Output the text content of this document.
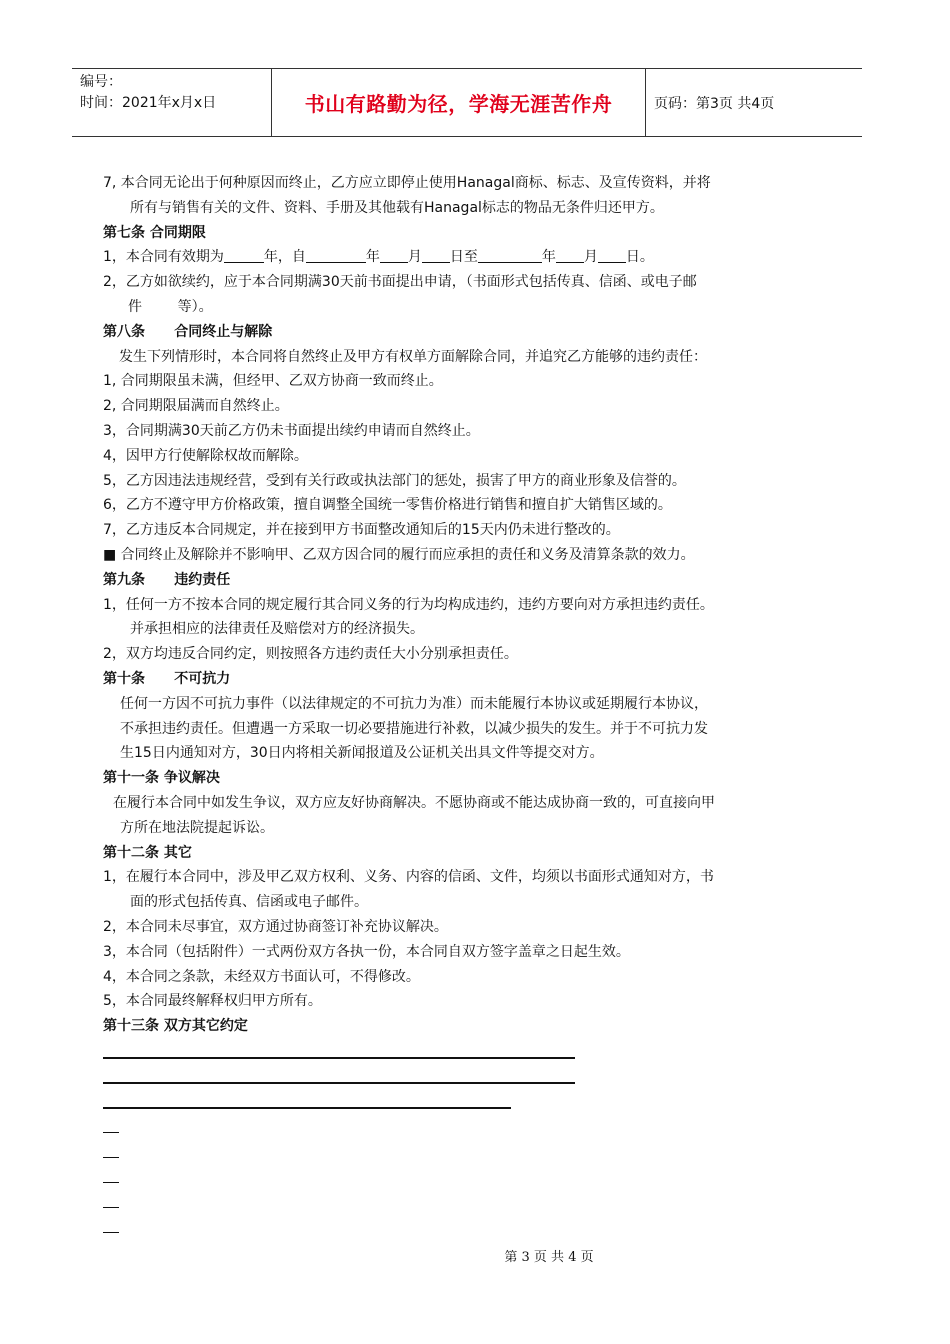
编号：
时间：2021年x月x日	书山有路勤为径，学海无涯苦作舟	页码：第3页 共4页
7, 本合同无论出于何种原因而终止，乙方应立即停止使用Hanagal商标、标志、及宣传资料，并将
所有与销售有关的文件、资料、手册及其他载有Hanagal标志的物品无条件归还甲方。
第七条 合同期限
1，本合同有效期为	年，自	年 月 日至	年 月 日。
2，乙方如欲续约，应于本合同期满30天前书面提出申请，（书面形式包括传真、信函、或电子邮
件        等）。
第八条      合同终止与解除
发生下列情形时，本合同将自然终止及甲方有权单方面解除合同，并追究乙方能够的违约责任：
1, 合同期限虽未满，但经甲、乙双方协商一致而终止。
2, 合同期限届满而自然终止。
3，合同期满30天前乙方仍未书面提出续约申请而自然终止。
4，因甲方行使解除权故而解除。
5，乙方因违法违规经营，受到有关行政或执法部门的惩处，损害了甲方的商业形象及信誉的。
6，乙方不遵守甲方价格政策，擅自调整全国统一零售价格进行销售和擅自扩大销售区域的。
7，乙方违反本合同规定，并在接到甲方书面整改通知后的15天内仍未进行整改的。
■ 合同终止及解除并不影响甲、乙双方因合同的履行而应承担的责任和义务及清算条款的效力。
第九条      违约责任
1，任何一方不按本合同的规定履行其合同义务的行为均构成违约，违约方要向对方承担违约责任。
并承担相应的法律责任及赔偿对方的经济损失。
2，双方均违反合同约定，则按照各方违约责任大小分别承担责任。
第十条      不可抗力
任何一方因不可抗力事件（以法律规定的不可抗力为准）而未能履行本协议或延期履行本协议，
不承担违约责任。但遭遇一方采取一切必要措施进行补救，以减少损失的发生。并于不可抗力发
生15日内通知对方，30日内将相关新闻报道及公证机关出具文件等提交对方。
第十一条 争议解决
在履行本合同中如发生争议，双方应友好协商解决。不愿协商或不能达成协商一致的，可直接向甲
方所在地法院提起诉讼。
第十二条 其它
1，在履行本合同中，涉及甲乙双方权利、义务、内容的信函、文件，均须以书面形式通知对方，书
面的形式包括传真、信函或电子邮件。
2，本合同未尽事宜，双方通过协商签订补充协议解决。
3，本合同（包括附件）一式两份双方各执一份，本合同自双方签字盖章之日起生效。
4，本合同之条款，未经双方书面认可，不得修改。
5，本合同最终解释权归甲方所有。
第十三条 双方其它约定
第 3 页 共 4 页
